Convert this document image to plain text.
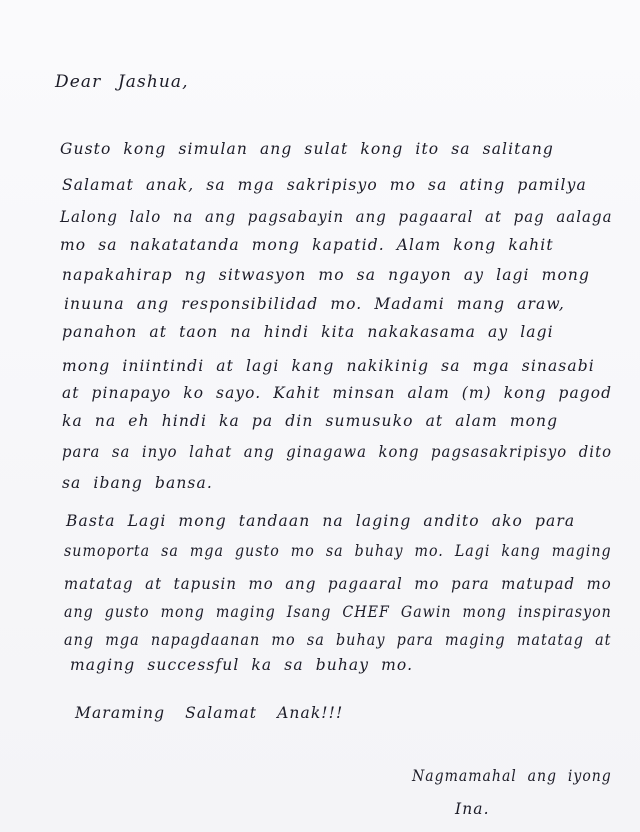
Dear Jashua,
Gusto kong simulan ang sulat kong ito sa salitang
Salamat anak, sa mga sakripisyo mo sa ating pamilya
Lalong lalo na ang pagsabayin ang pagaaral at pag aalaga
mo sa nakatatanda mong kapatid. Alam kong kahit
napakahirap ng sitwasyon mo sa ngayon ay lagi mong
inuuna ang responsibilidad mo. Madami mang araw,
panahon at taon na hindi kita nakakasama ay lagi
mong iniintindi at lagi kang nakikinig sa mga sinasabi
at pinapayo ko sayo. Kahit minsan alam (m) kong pagod
ka na eh hindi ka pa din sumusuko at alam mong
para sa inyo lahat ang ginagawa kong pagsasakripisyo dito
sa ibang bansa.
Basta Lagi mong tandaan na laging andito ako para
sumoporta sa mga gusto mo sa buhay mo. Lagi kang maging
matatag at tapusin mo ang pagaaral mo para matupad mo
ang gusto mong maging Isang CHEF Gawin mong inspirasyon
ang mga napagdaanan mo sa buhay para maging matatag at
maging successful ka sa buhay mo.
Maraming Salamat Anak!!!
Nagmamahal ang iyong
Ina.
